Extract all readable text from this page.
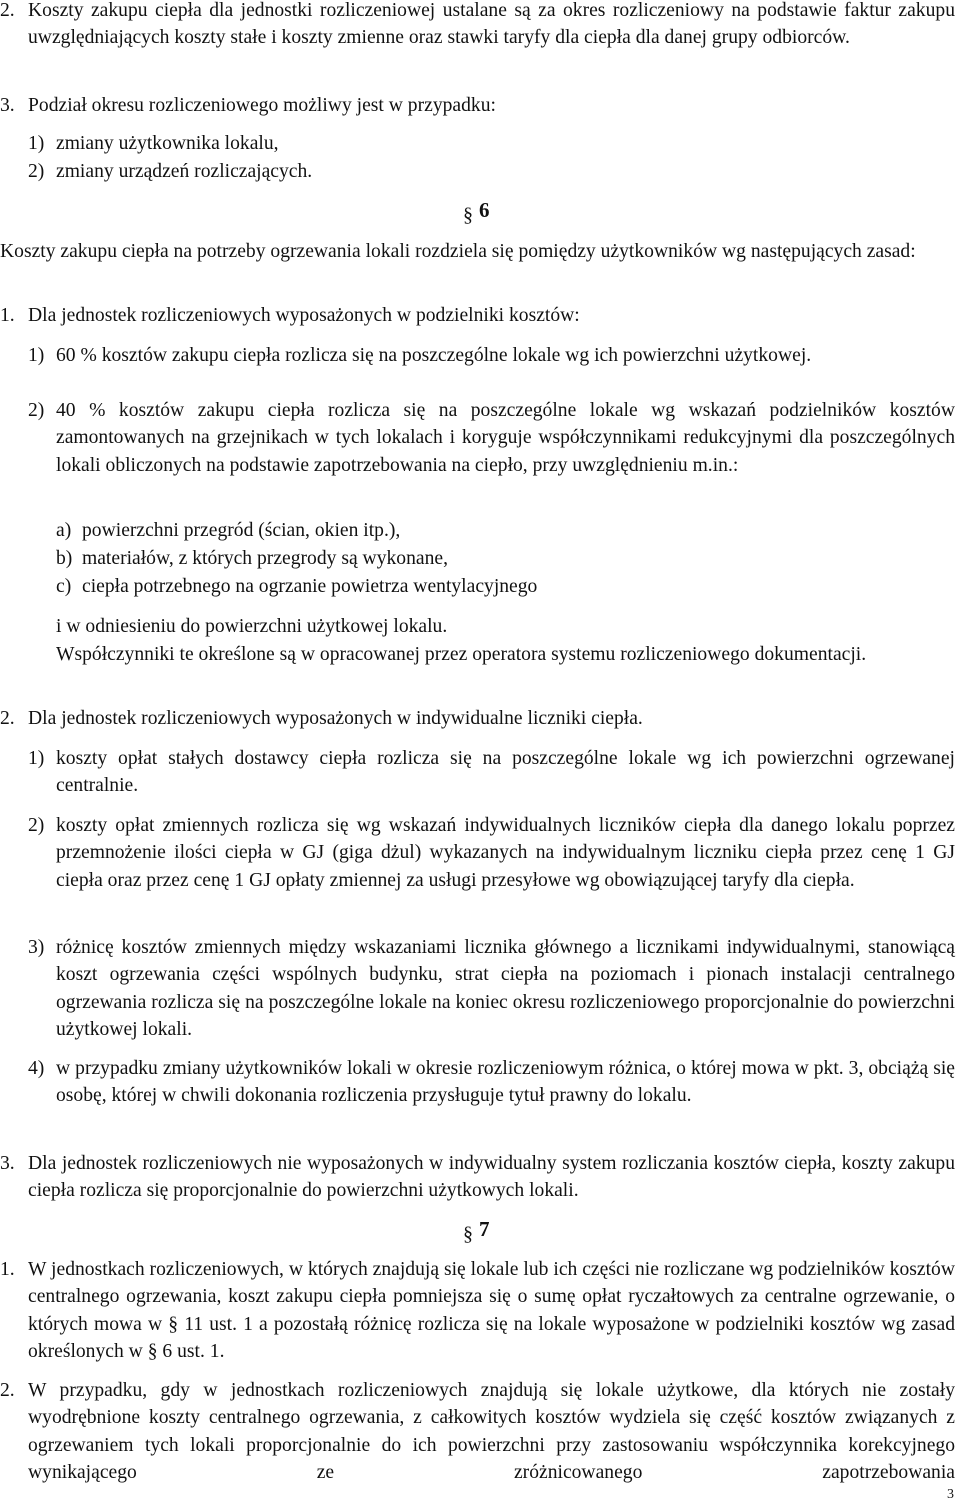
2. Koszty zakupu ciepła dla jednostki rozliczeniowej ustalane są za okres rozliczeniowy na podstawie faktur zakupu uwzględniających koszty stałe i koszty zmienne oraz stawki taryfy dla ciepła dla danej grupy odbiorców.
3. Podział okresu rozliczeniowego możliwy jest w przypadku:
1) zmiany użytkownika lokalu,
2) zmiany urządzeń rozliczających.
§ 6
Koszty zakupu ciepła na potrzeby ogrzewania lokali rozdziela się pomiędzy użytkowników wg następujących zasad:
1. Dla jednostek rozliczeniowych wyposażonych w podzielniki kosztów:
1) 60 % kosztów zakupu ciepła rozlicza się na poszczególne lokale wg ich powierzchni użytkowej.
2) 40 % kosztów zakupu ciepła rozlicza się na poszczególne lokale wg wskazań podzielników kosztów zamontowanych na grzejnikach w tych lokalach i koryguje współczynnikami redukcyjnymi dla poszczególnych lokali obliczonych na podstawie zapotrzebowania na ciepło, przy uwzględnieniu m.in.:
a) powierzchni przegród (ścian, okien itp.),
b) materiałów, z których przegrody są wykonane,
c) ciepła potrzebnego na ogrzanie powietrza wentylacyjnego
i w odniesieniu do powierzchni użytkowej lokalu.
Współczynniki te określone są w opracowanej przez operatora systemu rozliczeniowego dokumentacji.
2. Dla jednostek rozliczeniowych wyposażonych w indywidualne liczniki ciepła.
1) koszty opłat stałych dostawcy ciepła rozlicza się na poszczególne lokale wg ich powierzchni ogrzewanej centralnie.
2) koszty opłat zmiennych rozlicza się wg wskazań indywidualnych liczników ciepła dla danego lokalu poprzez przemnożenie ilości ciepła w GJ (giga dżul) wykazanych na indywidualnym liczniku ciepła przez cenę 1 GJ ciepła oraz przez cenę 1 GJ opłaty zmiennej za usługi przesyłowe wg obowiązującej taryfy dla ciepła.
3) różnicę kosztów zmiennych między wskazaniami licznika głównego a licznikami indywidualnymi, stanowiącą koszt ogrzewania części wspólnych budynku, strat ciepła na poziomach i pionach instalacji centralnego ogrzewania rozlicza się na poszczególne lokale na koniec okresu rozliczeniowego proporcjonalnie do powierzchni użytkowej lokali.
4) w przypadku zmiany użytkowników lokali w okresie rozliczeniowym różnica, o której mowa w pkt. 3, obciążą się osobę, której w chwili dokonania rozliczenia przysługuje tytuł prawny do lokalu.
3. Dla jednostek rozliczeniowych nie wyposażonych w indywidualny system rozliczania kosztów ciepła, koszty zakupu ciepła rozlicza się proporcjonalnie do powierzchni użytkowych lokali.
§ 7
1. W jednostkach rozliczeniowych, w których znajdują się lokale lub ich części nie rozliczane wg podzielników kosztów centralnego ogrzewania, koszt zakupu ciepła pomniejsza się o sumę opłat ryczałtowych za centralne ogrzewanie, o których mowa w § 11 ust. 1 a pozostałą różnicę rozlicza się na lokale wyposażone w podzielniki kosztów wg zasad określonych w § 6 ust. 1.
2. W przypadku, gdy w jednostkach rozliczeniowych znajdują się lokale użytkowe, dla których nie zostały wyodrębnione koszty centralnego ogrzewania, z całkowitych kosztów wydziela się część kosztów związanych z ogrzewaniem tych lokali proporcjonalnie do ich powierzchni przy zastosowaniu współczynnika korekcyjnego wynikającego ze zróżnicowanego zapotrzebowania
3
